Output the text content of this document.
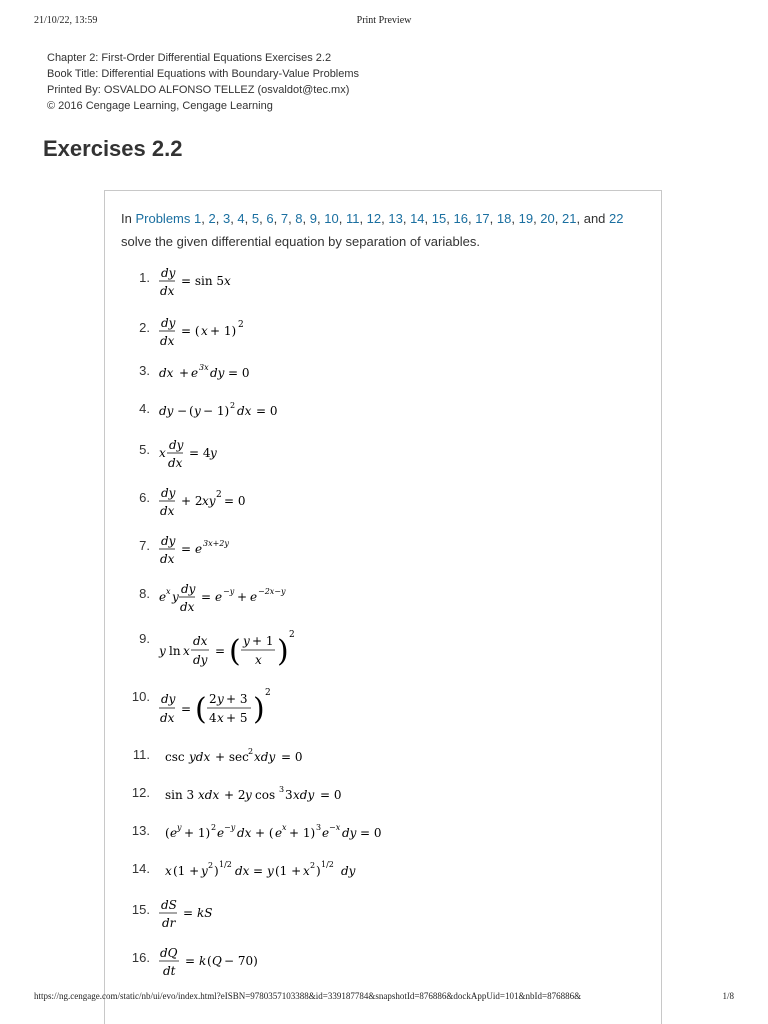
21/10/22, 13:59	Print Preview
Chapter 2: First-Order Differential Equations Exercises 2.2
Book Title: Differential Equations with Boundary-Value Problems
Printed By: OSVALDO ALFONSO TELLEZ (osvaldot@tec.mx)
© 2016 Cengage Learning, Cengage Learning
Exercises 2.2
In Problems 1, 2, 3, 4, 5, 6, 7, 8, 9, 10, 11, 12, 13, 14, 15, 16, 17, 18, 19, 20, 21, and 22 solve the given differential equation by separation of variables.
1. dy
dx
= sin 5 x
2. dy
dx
= ( x + 1) 2
3. dx + e 3x dy = 0
4. dy − ( y − 1) 2 dx = 0
5. x
dy
dx
= 4 y
6. dy
dx
+ 2 xy 2 = 0
7. dy
dx
= e 3x+2y
8. e x y
dy
dx
= e −y + e −2x−y
9.
y ln x
dx
dy
= ( y + 1
x ) 2
10. dy
dx
= ( 2 y + 3
4 x + 5 ) 2
11. csc ydx + sec 2 xdy = 0
12. sin 3 xdx + 2 y cos 3 3 xdy = 0
13. ( e y + 1) 2 e −y dx + ( e x + 1) 3 e −x dy = 0
14. x (1 + y 2 ) 1/2 dx = y (1 + x 2 ) 1/2 dy
15. dS
dr
= kS
16. dQ
dt
= k ( Q − 70)
https://ng.cengage.com/static/nb/ui/evo/index.html?eISBN=9780357103388&id=339187784&snapshotId=876886&dockAppUid=101&nbId=876886&	1/8
